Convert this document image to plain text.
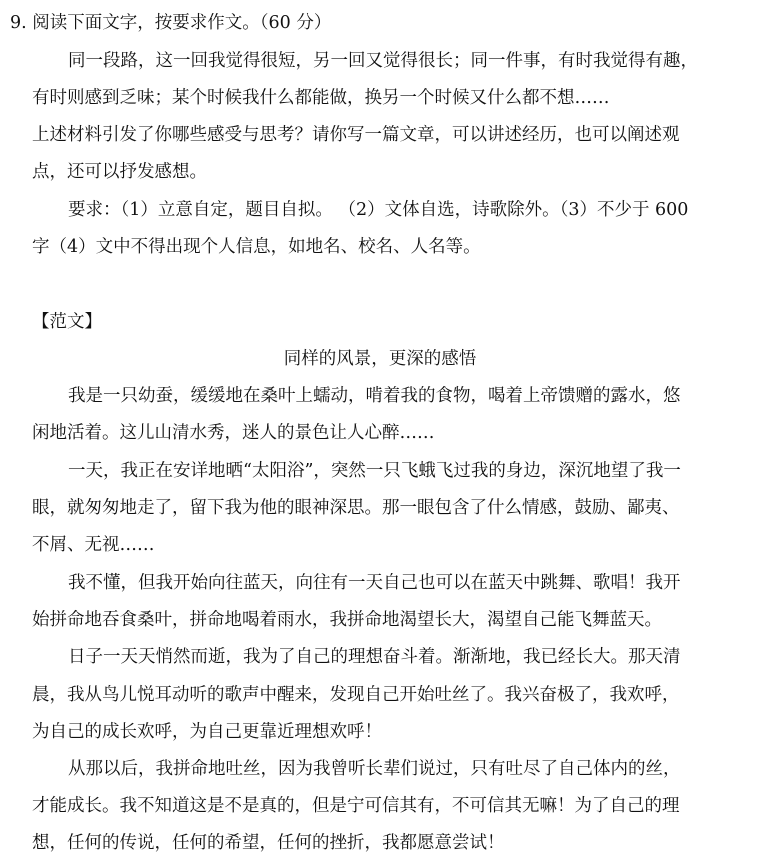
9. 阅读下面文字，按要求作文。（60 分）
同一段路，这一回我觉得很短，另一回又觉得很长；同一件事，有时我觉得有趣，
有时则感到乏味；某个时候我什么都能做，换另一个时候又什么都不想……
上述材料引发了你哪些感受与思考？请你写一篇文章，可以讲述经历，也可以阐述观
点，还可以抒发感想。
要求：（1）立意自定，题目自拟。 （2）文体自选，诗歌除外。（3）不少于 600
字（4）文中不得出现个人信息，如地名、校名、人名等。
【范文】
同样的风景，更深的感悟
我是一只幼蚕，缓缓地在桑叶上蠕动，啃着我的食物，喝着上帝馈赠的露水，悠
闲地活着。这儿山清水秀，迷人的景色让人心醉……
一天，我正在安详地晒“太阳浴”，突然一只飞蛾飞过我的身边，深沉地望了我一
眼，就匆匆地走了，留下我为他的眼神深思。那一眼包含了什么情感，鼓励、鄙夷、
不屑、无视……
我不懂，但我开始向往蓝天，向往有一天自己也可以在蓝天中跳舞、歌唱！我开
始拼命地吞食桑叶，拼命地喝着雨水，我拼命地渴望长大，渴望自己能飞舞蓝天。
日子一天天悄然而逝，我为了自己的理想奋斗着。渐渐地，我已经长大。那天清
晨，我从鸟儿悦耳动听的歌声中醒来，发现自己开始吐丝了。我兴奋极了，我欢呼，
为自己的成长欢呼，为自己更靠近理想欢呼！
从那以后，我拼命地吐丝，因为我曾听长辈们说过，只有吐尽了自己体内的丝，
才能成长。我不知道这是不是真的，但是宁可信其有，不可信其无嘛！为了自己的理
想，任何的传说，任何的希望，任何的挫折，我都愿意尝试！
